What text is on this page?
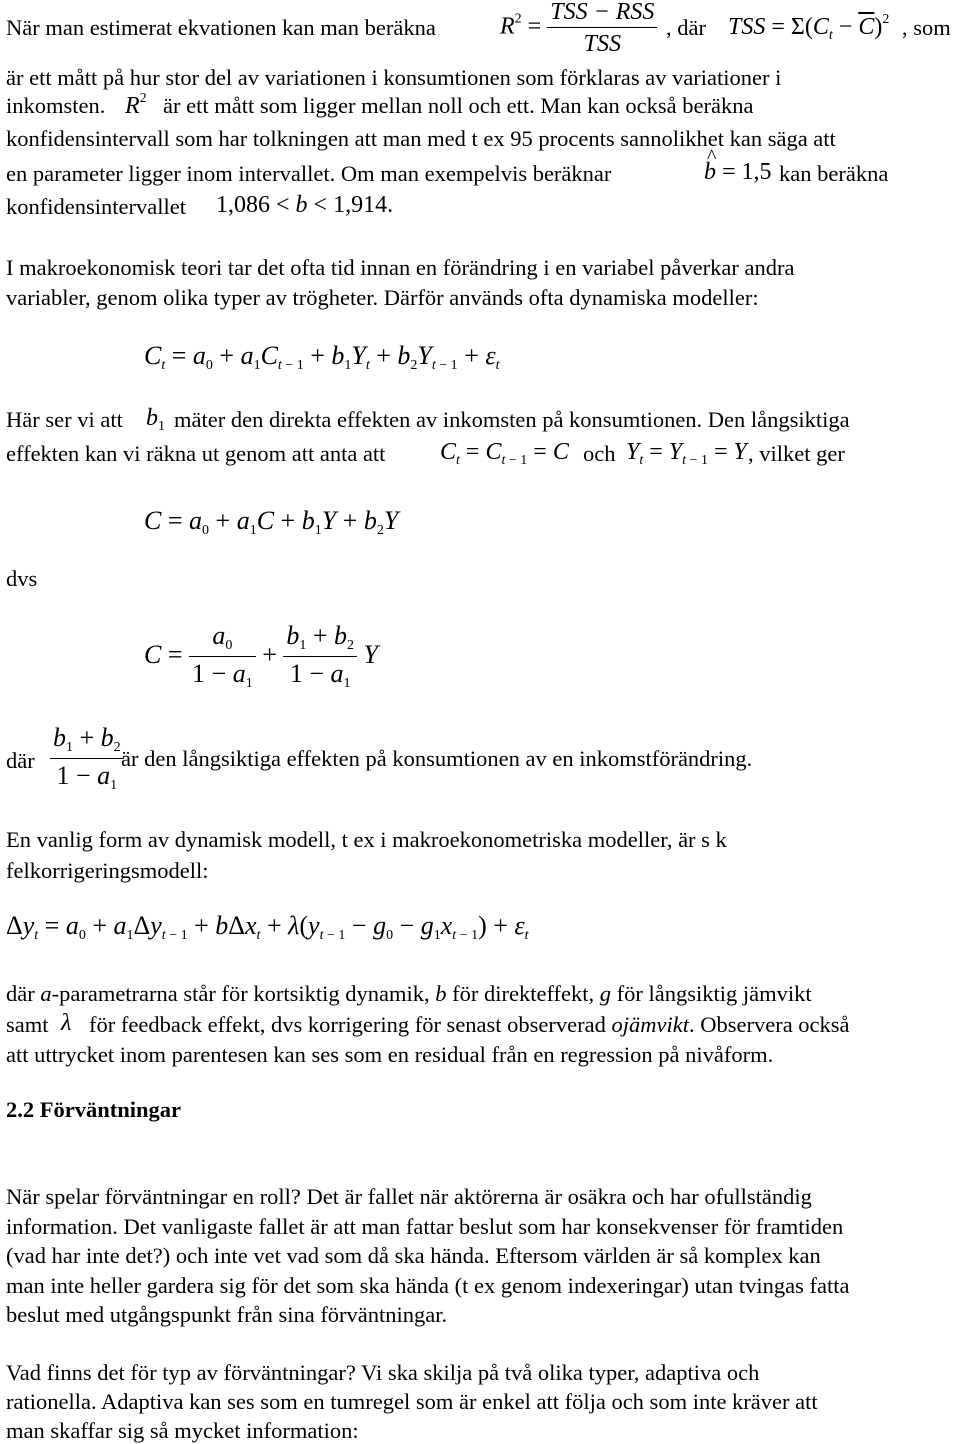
När man estimerat ekvationen kan man beräkna	$R^2 = \frac{\text{TSS − RSS}}{\text{TSS}}$ , där TSS = $\Sigma(C_t - \overline{C})^2$ , som
är ett mått på hur stor del av variationen i konsumtionen som förklaras av variationer i
inkomsten. $R^2$ är ett mått som ligger mellan noll och ett. Man kan också beräkna
konfidensintervall som har tolkningen att man med t ex 95 procents sannolikhet kan säga att
en parameter ligger inom intervallet. Om man exempelvis beräknar	^ b = 1,5 kan beräkna
konfidensintervallet 1,086 < b < 1,914.
I makroekonomisk teori tar det ofta tid innan en förändring i en variabel påverkar andra
variabler, genom olika typer av trögheter. Därför används ofta dynamiska modeller:
$Ct = a_0 + a_1Ct$ $_{- 1} + b_1Yt + b_2Yt$ $_{- 1}$ + εt
Här ser vi att $b_1$ mäter den direkta effekten av inkomsten på konsumtionen. Den långsiktiga
effekten kan vi räkna ut genom att anta att $C_t = C_t$ $_{- 1}$ = C och $Y_t = Y_t$ $_{- 1}$ = Y , vilket ger
$C = a_0 + a_1C + b_1Y + b_2Y$
dvs
$C = \frac{a_0}{1 - a_1} + \frac{b_1 + b_2}{1 - a_1}$ Y
där $\frac{b_1 + b_2}{1 - a_1}$
är den långsiktiga effekten på konsumtionen av en inkomstförändring.
En vanlig form av dynamisk modell, t ex i makroekonometriska modeller, är s k
felkorrigeringsmodell:
$\Delta yt = a_0 + a_1\Delta yt$ $_{- 1}$ + bΔxt + λ(yt $_{- 1} - g_0 - g_1xt$ $_{- 1}$) + εt
där a-parametrarna står för kortsiktig dynamik, b för direkteffekt, g för långsiktig jämvikt
samt λ för feedback effekt, dvs korrigering för senast observerad ojämvikt. Observera också
att uttrycket inom parentesen kan ses som en residual från en regression på nivåform.
2.2 Förväntningar
När spelar förväntningar en roll? Det är fallet när aktörerna är osäkra och har ofullständig
information. Det vanligaste fallet är att man fattar beslut som har konsekvenser för framtiden
(vad har inte det?) och inte vet vad som då ska hända. Eftersom världen är så komplex kan
man inte heller gardera sig för det som ska hända (t ex genom indexeringar) utan tvingas fatta
beslut med utgångspunkt från sina förväntningar.
Vad finns det för typ av förväntningar? Vi ska skilja på två olika typer, adaptiva och
rationella. Adaptiva kan ses som en tumregel som är enkel att följa och som inte kräver att
man skaffar sig så mycket information:
